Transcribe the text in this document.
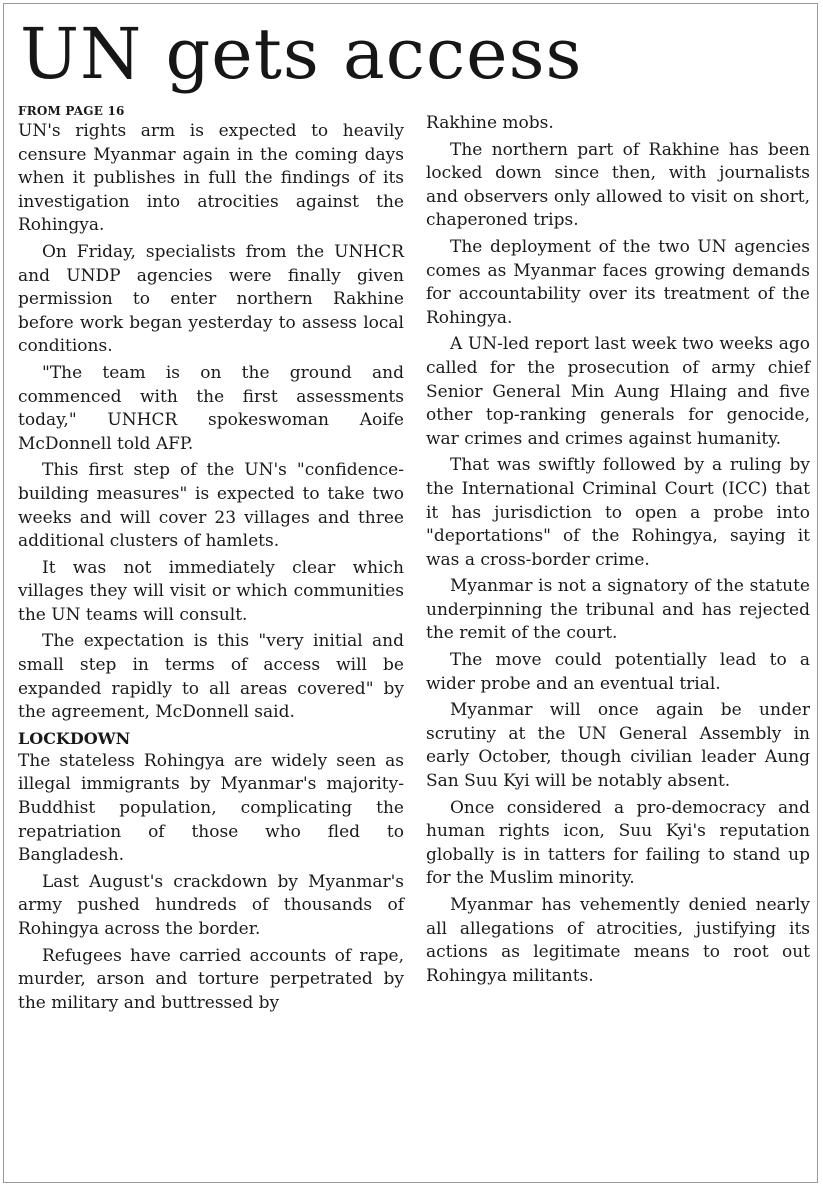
UN gets access
FROM PAGE 16

UN's rights arm is expected to heavily censure Myanmar again in the coming days when it publishes in full the findings of its investigation into atrocities against the Rohingya.

On Friday, specialists from the UNHCR and UNDP agencies were finally given permission to enter northern Rakhine before work began yesterday to assess local conditions.

"The team is on the ground and commenced with the first assessments today," UNHCR spokeswoman Aoife McDonnell told AFP.

This first step of the UN's "confidence-building measures" is expected to take two weeks and will cover 23 villages and three additional clusters of hamlets.

It was not immediately clear which villages they will visit or which communities the UN teams will consult.

The expectation is this "very initial and small step in terms of access will be expanded rapidly to all areas covered" by the agreement, McDonnell said.

LOCKDOWN

The stateless Rohingya are widely seen as illegal immigrants by Myanmar's majority-Buddhist population, complicating the repatriation of those who fled to Bangladesh.

Last August's crackdown by Myanmar's army pushed hundreds of thousands of Rohingya across the border.

Refugees have carried accounts of rape, murder, arson and torture perpetrated by the military and buttressed by

Rakhine mobs.

The northern part of Rakhine has been locked down since then, with journalists and observers only allowed to visit on short, chaperoned trips.

The deployment of the two UN agencies comes as Myanmar faces growing demands for accountability over its treatment of the Rohingya.

A UN-led report last week two weeks ago called for the prosecution of army chief Senior General Min Aung Hlaing and five other top-ranking generals for genocide, war crimes and crimes against humanity.

That was swiftly followed by a ruling by the International Criminal Court (ICC) that it has jurisdiction to open a probe into "deportations" of the Rohingya, saying it was a cross-border crime.

Myanmar is not a signatory of the statute underpinning the tribunal and has rejected the remit of the court.

The move could potentially lead to a wider probe and an eventual trial.

Myanmar will once again be under scrutiny at the UN General Assembly in early October, though civilian leader Aung San Suu Kyi will be notably absent.

Once considered a pro-democracy and human rights icon, Suu Kyi's reputation globally is in tatters for failing to stand up for the Muslim minority.

Myanmar has vehemently denied nearly all allegations of atrocities, justifying its actions as legitimate means to root out Rohingya militants.
